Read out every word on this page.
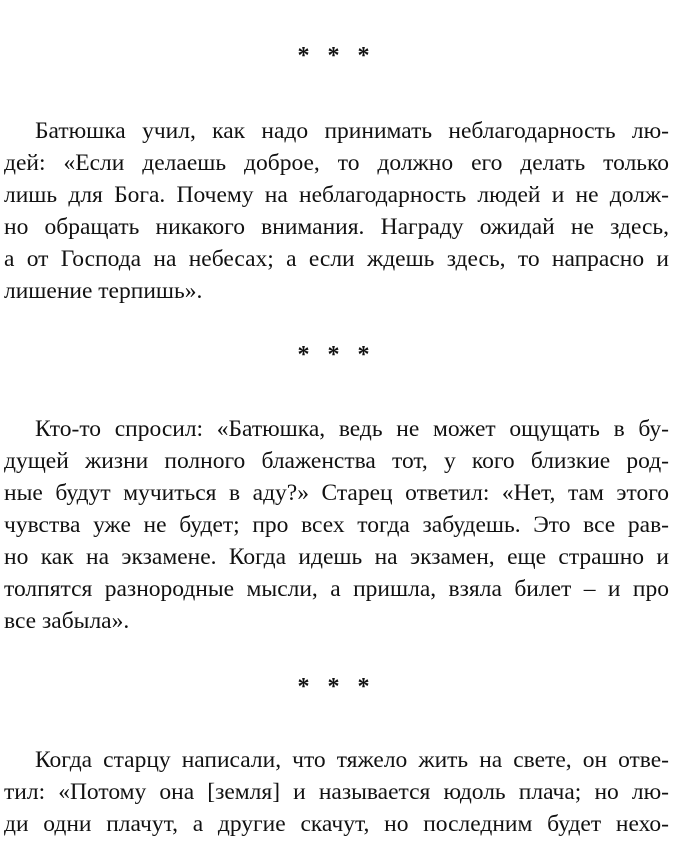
* * *
Батюшка учил, как надо принимать неблагодарность лю-
дей: «Если делаешь доброе, то должно его делать только
лишь для Бога. Почему на неблагодарность людей и не долж-
но обращать никакого внимания. Награду ожидай не здесь,
а от Господа на небесах; а если ждешь здесь, то напрасно и
лишение терпишь».
* * *
Кто-то спросил: «Батюшка, ведь не может ощущать в бу-
дущей жизни полного блаженства тот, у кого близкие род-
ные будут мучиться в аду?» Старец ответил: «Нет, там этого
чувства уже не будет; про всех тогда забудешь. Это все рав-
но как на экзамене. Когда идешь на экзамен, еще страшно и
толпятся разнородные мысли, а пришла, взяла билет – и про
все забыла».
* * *
Когда старцу написали, что тяжело жить на свете, он отве-
тил: «Потому она [земля] и называется юдоль плача; но лю-
ди одни плачут, а другие скачут, но последним будет нехо-
